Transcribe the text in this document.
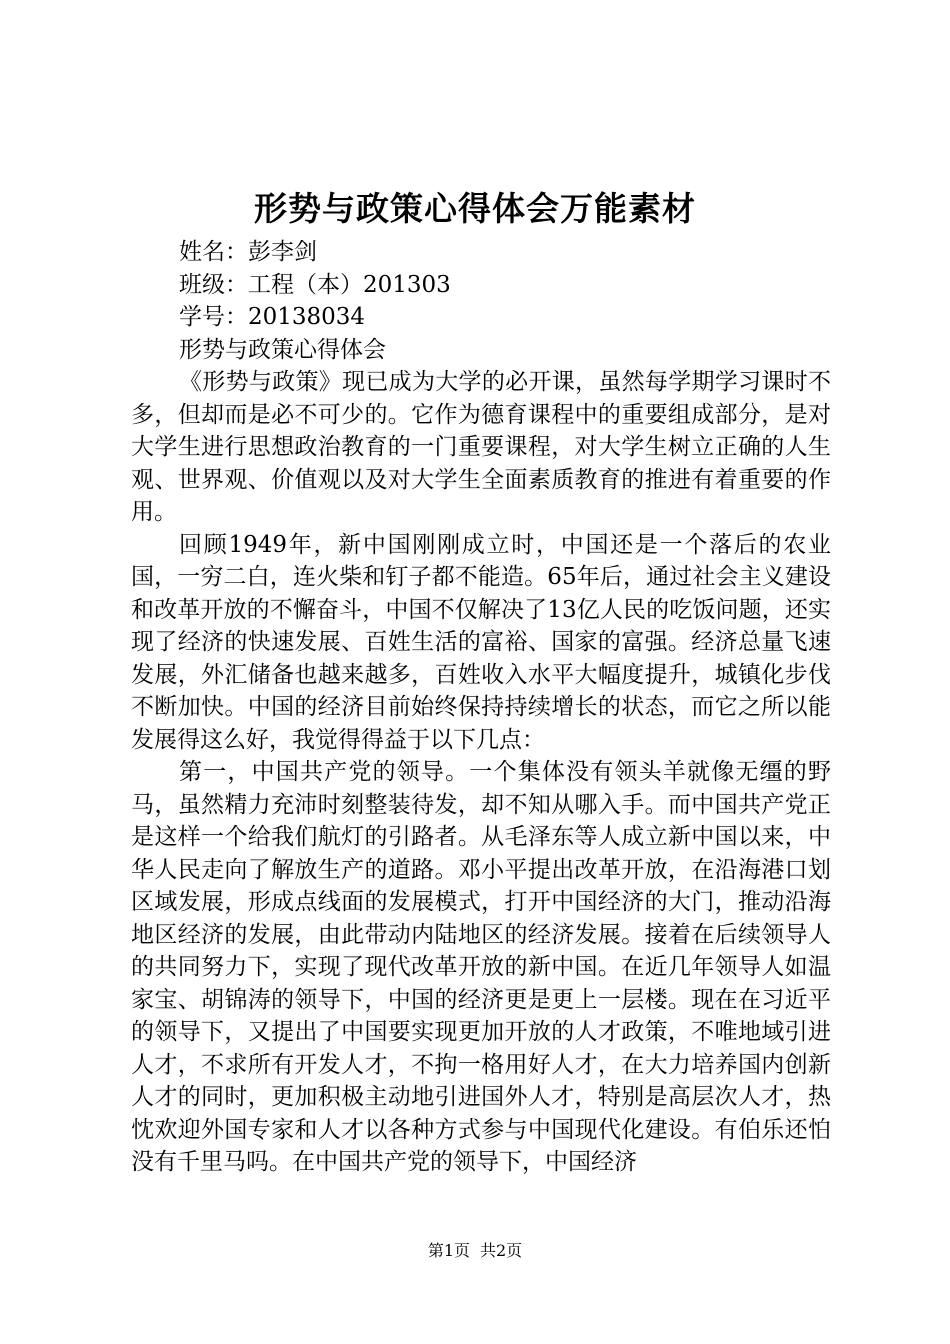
形势与政策心得体会万能素材

姓名：彭李剑

班级：工程（本）201303

学号：20138034

形势与政策心得体会

《形势与政策》现已成为大学的必开课，虽然每学期学习课时不多，但却而是必不可少的。它作为德育课程中的重要组成部分，是对大学生进行思想政治教育的一门重要课程，对大学生树立正确的人生观、世界观、价值观以及对大学生全面素质教育的推进有着重要的作用。

回顾1949年，新中国刚刚成立时，中国还是一个落后的农业国，一穷二白，连火柴和钉子都不能造。65年后，通过社会主义建设和改革开放的不懈奋斗，中国不仅解决了13亿人民的吃饭问题，还实现了经济的快速发展、百姓生活的富裕、国家的富强。经济总量飞速发展，外汇储备也越来越多，百姓收入水平大幅度提升，城镇化步伐不断加快。中国的经济目前始终保持持续增长的状态，而它之所以能发展得这么好，我觉得得益于以下几点：

第一，中国共产党的领导。一个集体没有领头羊就像无缰的野马，虽然精力充沛时刻整装待发，却不知从哪入手。而中国共产党正是这样一个给我们航灯的引路者。从毛泽东等人成立新中国以来，中华人民走向了解放生产的道路。邓小平提出改革开放，在沿海港口划区域发展，形成点线面的发展模式，打开中国经济的大门，推动沿海地区经济的发展，由此带动内陆地区的经济发展。接着在后续领导人的共同努力下，实现了现代改革开放的新中国。在近几年领导人如温家宝、胡锦涛的领导下，中国的经济更是更上一层楼。现在在习近平的领导下，又提出了中国要实现更加开放的人才政策，不唯地域引进人才，不求所有开发人才，不拘一格用好人才，在大力培养国内创新人才的同时，更加积极主动地引进国外人才，特别是高层次人才，热忱欢迎外国专家和人才以各种方式参与中国现代化建设。有伯乐还怕没有千里马吗。在中国共产党的领导下，中国经济

第1页 共2页
